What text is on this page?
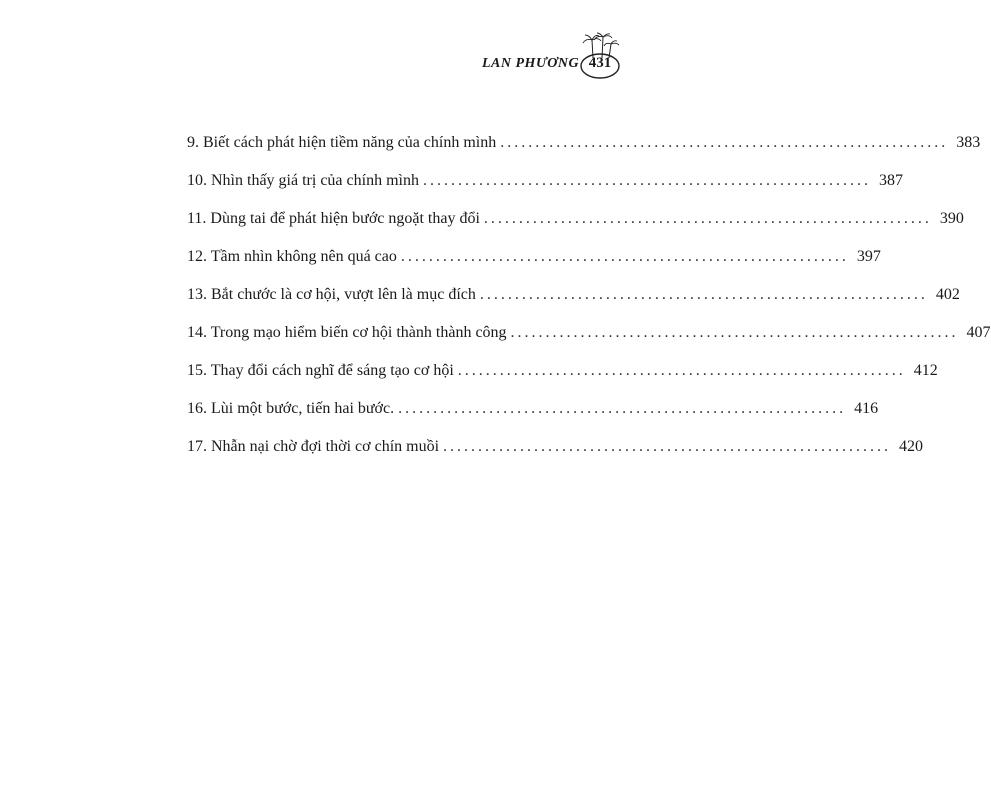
LAN PHƯƠNG 431
9. Biết cách phát hiện tiềm năng của chính mình ................................................................ 383
10. Nhìn thấy giá trị của chính mình ................................................................ 387
11. Dùng tai để phát hiện bước ngoặt thay đổi ................................................................ 390
12. Tầm nhìn không nên quá cao ................................................................ 397
13. Bắt chước là cơ hội, vượt lên là mục đích ................................................................ 402
14. Trong mạo hiểm biến cơ hội thành thành công ................................................................ 407
15. Thay đổi cách nghĩ để sáng tạo cơ hội ................................................................ 412
16. Lùi một bước, tiến hai bước. ................................................................ 416
17. Nhẫn nại chờ đợi thời cơ chín muồi ................................................................ 420
